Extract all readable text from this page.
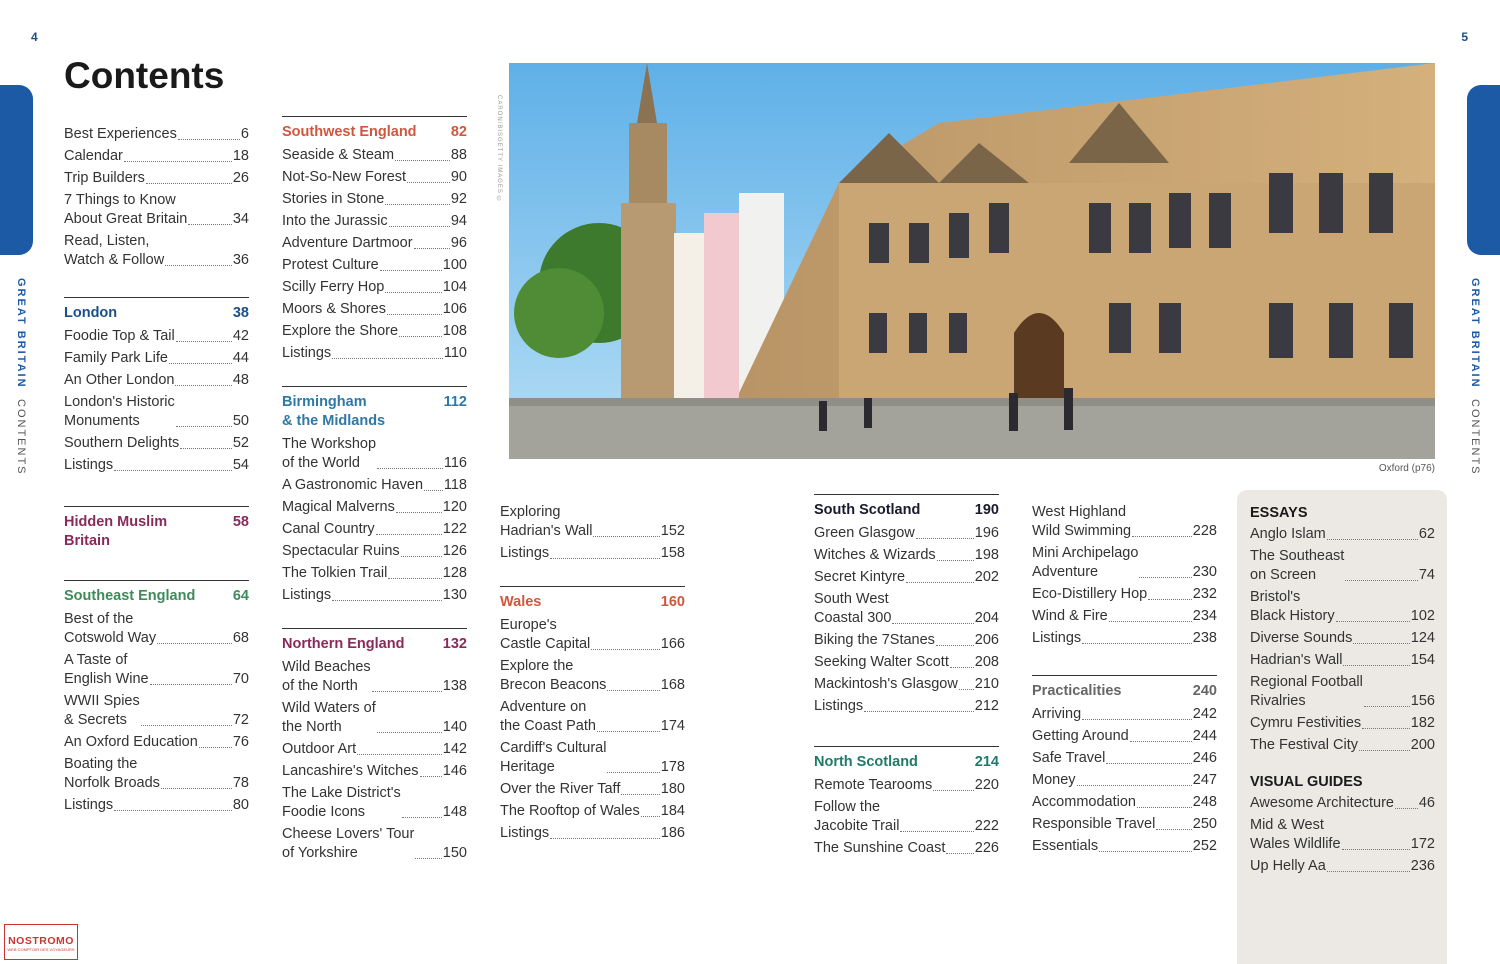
4	5
GREAT BRITAINCONTENTS
GREAT BRITAINCONTENTS
Contents
Best Experiences	6
Calendar	18
Trip Builders	26
7 Things to Know
About Great Britain	34
Read, Listen,
Watch & Follow	36
London	38
Foodie Top & Tail	42
Family Park Life	44
An Other London	48
London's Historic
Monuments	50
Southern Delights	52
Listings	54
Hidden Muslim
Britain
58
Southeast England	64
Best of the
Cotswold Way	68
A Taste of
English Wine	70
WWII Spies
& Secrets	72
An Oxford Education 76
Boating the
Norfolk Broads	78
Listings	80
Southwest England 82
Seaside & Steam	88
Not-So-New Forest	90
Stories in Stone	92
Into the Jurassic	94
Adventure Dartmoor	96
Protest Culture	100
Scilly Ferry Hop	104
Moors & Shores	106
Explore the Shore	108
Listings	110
Birmingham
& the Midlands
112
The Workshop
of the World	116
A Gastronomic Haven 118
Magical Malverns	120
Canal Country	122
Spectacular Ruins	126
The Tolkien Trail	128
Listings	130
Northern England	132
Wild Beaches
of the North	138
Wild Waters of
the North	140
Outdoor Art	142
Lancashire's Witches 146
The Lake District's
Foodie Icons	148
Cheese Lovers' Tour
of Yorkshire	150
CARON/BISGETTY IMAGES ©
Oxford (p76)
Exploring
Hadrian's Wall	152
Listings	158
Wales	160
Europe's
Castle Capital	166
Explore the
Brecon Beacons	168
Adventure on
the Coast Path	174
Cardiff's Cultural
Heritage	178
Over the River Taff	180
The Rooftop of Wales 184
Listings	186
South Scotland	190
Green Glasgow	196
Witches & Wizards	198
Secret Kintyre	202
South West
Coastal 300	204
Biking the 7Stanes	206
Seeking Walter Scott 208
Mackintosh's Glasgow 210
Listings	212
North Scotland	214
Remote Tearooms	220
Follow the
Jacobite Trail	222
The Sunshine Coast 226
West Highland
Wild Swimming	228
Mini Archipelago
Adventure	230
Eco-Distillery Hop	232
Wind & Fire	234
Listings	238
Practicalities	240
Arriving	242
Getting Around	244
Safe Travel	246
Money	247
Accommodation	248
Responsible Travel	250
Essentials	252
ESSAYS
Anglo Islam	62
The Southeast
on Screen	74
Bristol's
Black History	102
Diverse Sounds	124
Hadrian's Wall	154
Regional Football
Rivalries	156
Cymru Festivities	182
The Festival City	200
VISUAL GUIDES
Awesome Architecture 46
Mid & West
Wales Wildlife	172
Up Helly Aa	236
NOSTROMO
WEB COMPTOIR DES VOYAGEURS
